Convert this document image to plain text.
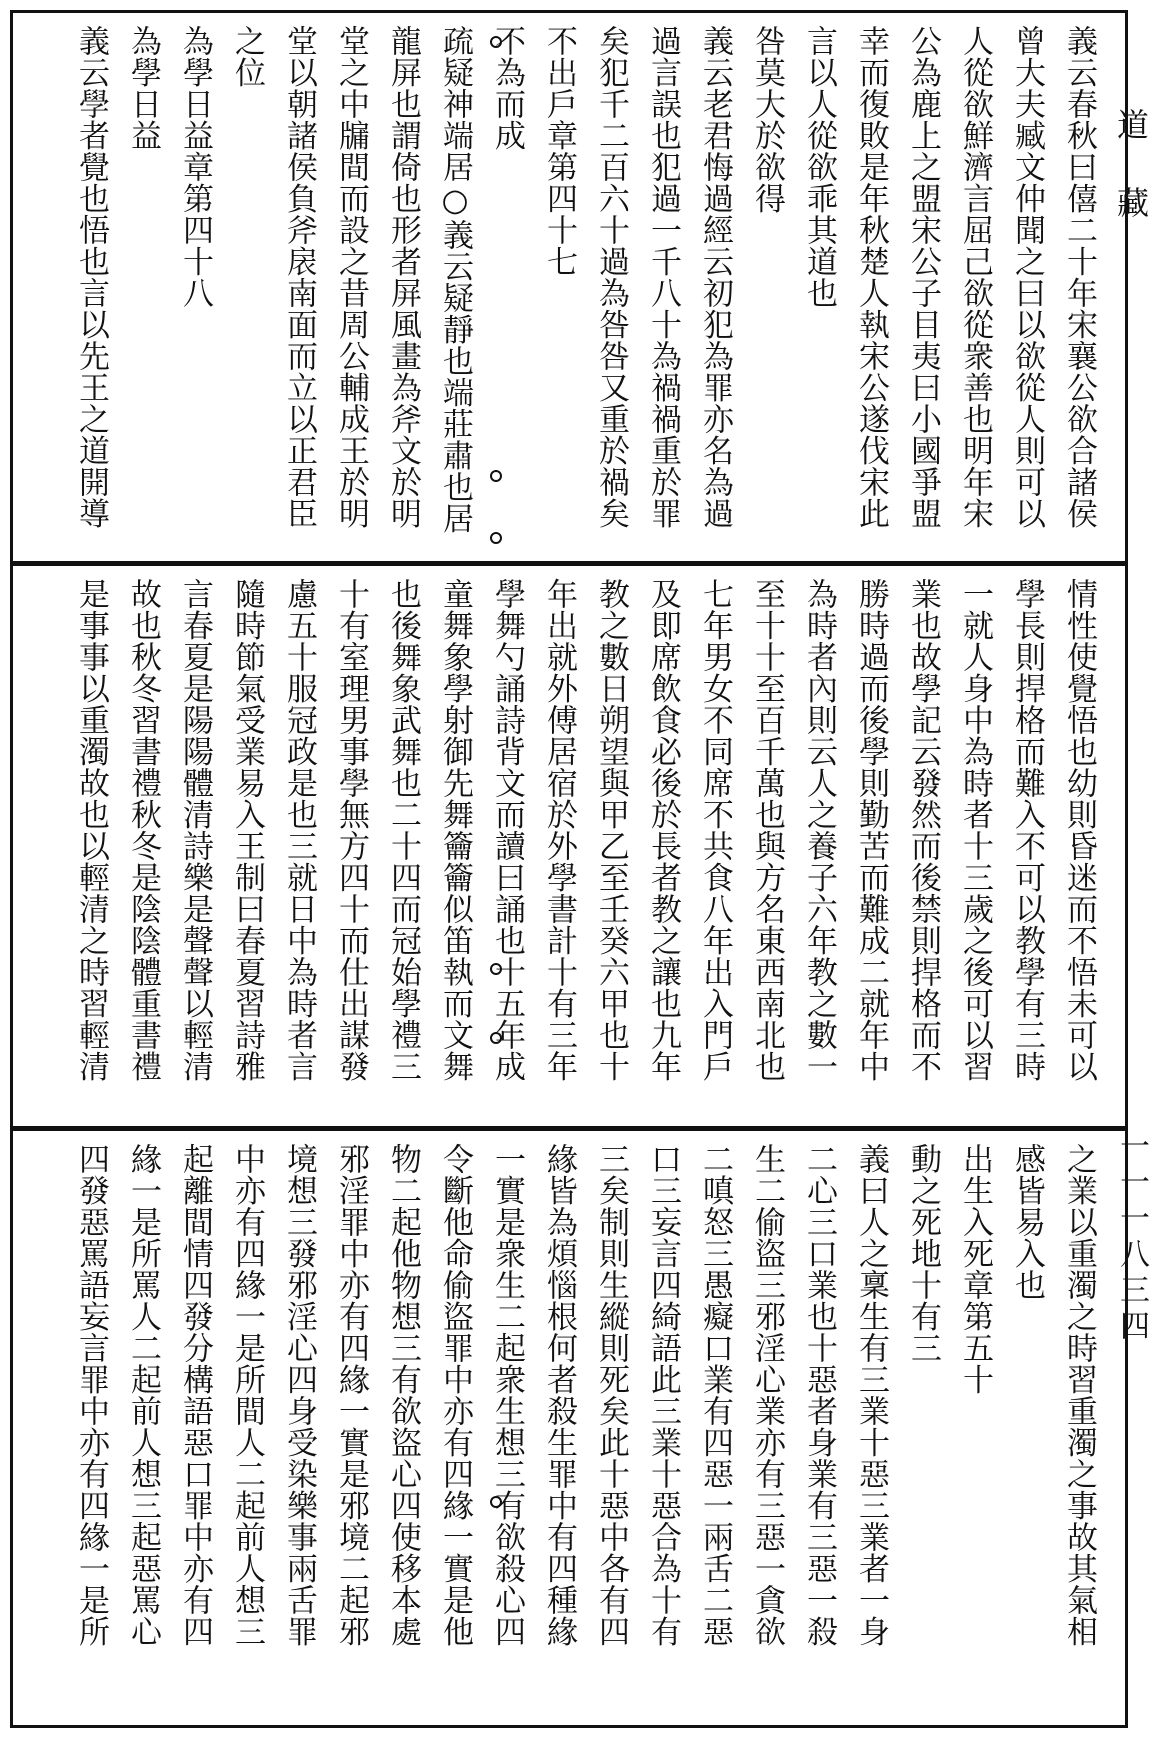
義云春秋曰僖二十年宋襄公欲合諸侯
曾大夫臧文仲聞之曰以欲從人則可以
人從欲鮮濟言屈己欲從衆善也明年宋
公為鹿上之盟宋公子目夷曰小國爭盟
幸而復敗是年秋楚人執宋公遂伐宋此
言以人從欲乖其道也
咎莫大於欲得
義云老君悔過經云初犯為罪亦名為過
過言誤也犯過一千八十為禍禍重於罪
矣犯千二百六十過為咎咎又重於禍矣
不出戶章第四十七
不為而成
疏疑神端居○義云疑靜也端莊肅也居
龍屏也謂倚也形者屏風畫為斧文於明
堂之中牖間而設之昔周公輔成王於明
堂以朝諸侯負斧扆南面而立以正君臣
之位
為學日益章第四十八
為學日益
義云學者覺也悟也言以先王之道開導
情性使覺悟也幼則昏迷而不悟未可以
學長則捍格而難入不可以教學有三時
一就人身中為時者十三歲之後可以習
業也故學記云發然而後禁則捍格而不
勝時過而後學則勤苦而難成二就年中
為時者內則云人之養子六年教之數一
至十十至百千萬也與方名東西南北也
七年男女不同席不共食八年出入門戶
及即席飲食必後於長者教之讓也九年
教之數日朔望與甲乙至壬癸六甲也十
年出就外傅居宿於外學書計十有三年
學舞勺誦詩背文而讀曰誦也十五年成
童舞象學射御先舞籥籥似笛執而文舞
也後舞象武舞也二十四而冠始學禮三
十有室理男事學無方四十而仕出謀發
慮五十服冠政是也三就日中為時者言
隨時節氣受業易入王制曰春夏習詩雅
言春夏是陽陽體清詩樂是聲聲以輕清
故也秋冬習書禮秋冬是陰陰體重書禮
是事事以重濁故也以輕清之時習輕清
之業以重濁之時習重濁之事故其氣相
感皆易入也
出生入死章第五十
動之死地十有三
義曰人之稟生有三業十惡三業者一身
二心三口業也十惡者身業有三惡一殺
生二偷盜三邪淫心業亦有三惡一貪欲
二嗔怒三愚癡口業有四惡一兩舌二惡
口三妄言四綺語此三業十惡合為十有
三矣制則生縱則死矣此十惡中各有四
緣皆為煩惱根何者殺生罪中有四種緣
一實是衆生二起衆生想三有欲殺心四
令斷他命偷盜罪中亦有四緣一實是他
物二起他物想三有欲盜心四使移本處
邪淫罪中亦有四緣一實是邪境二起邪
境想三發邪淫心四身受染樂事兩舌罪
中亦有四緣一是所間人二起前人想三
起離間情四發分構語惡口罪中亦有四
緣一是所罵人二起前人想三起惡罵心
四發惡罵語妄言罪中亦有四緣一是所
道藏
一一一八三四
